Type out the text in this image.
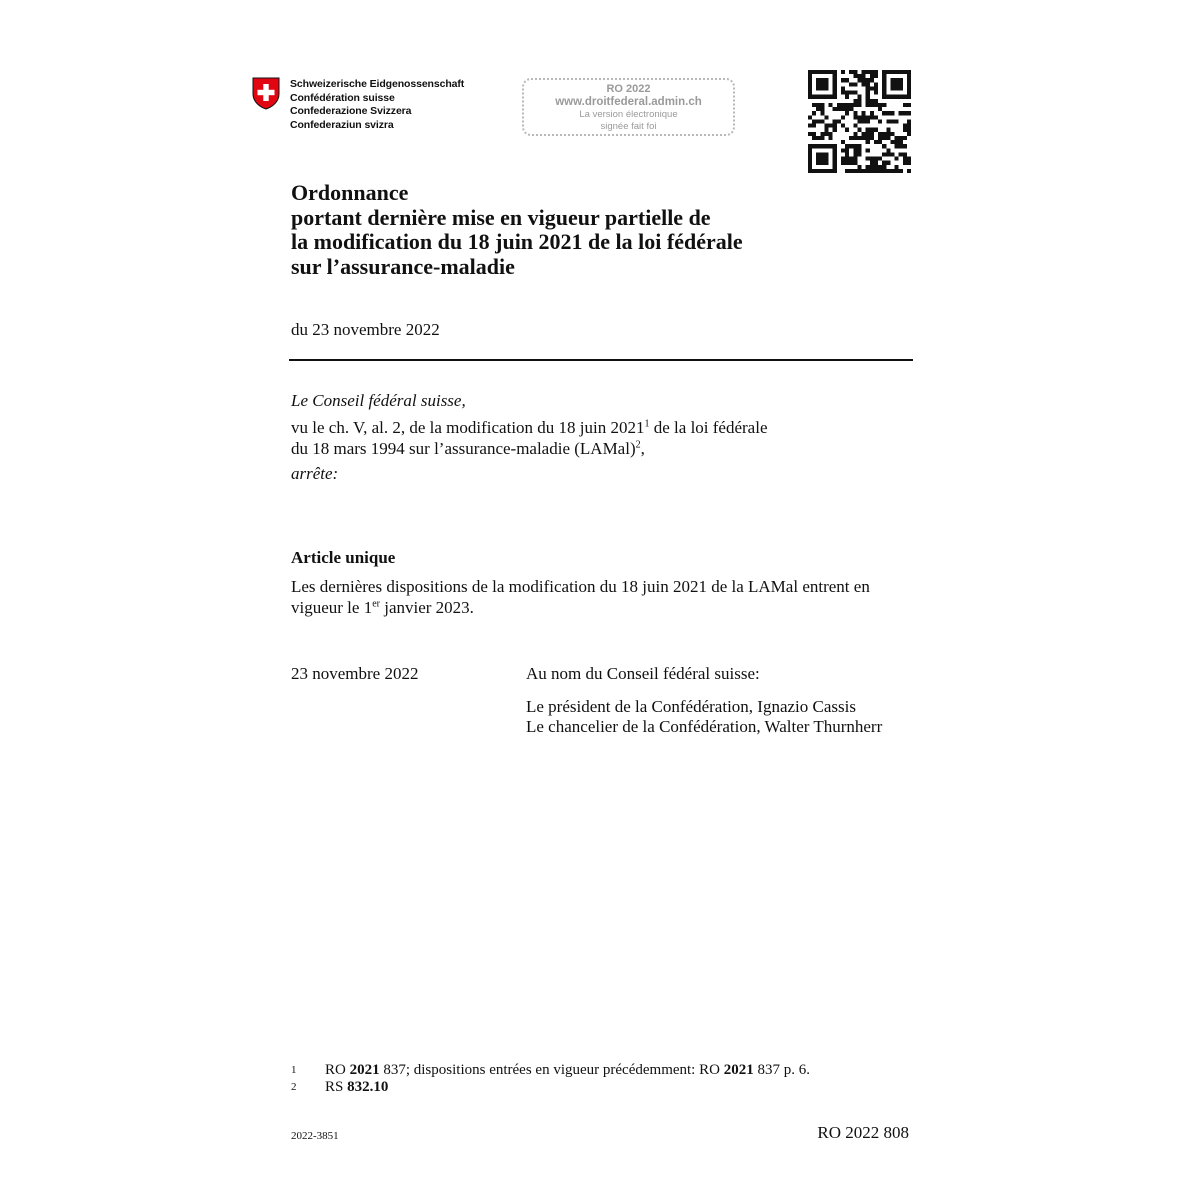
Schweizerische Eidgenossenschaft
Confédération suisse
Confederazione Svizzera
Confederaziun svizra
RO 2022
www.droitfederal.admin.ch
La version électronique
signée fait foi
Ordonnance
portant dernière mise en vigueur partielle de
la modification du 18 juin 2021 de la loi fédérale
sur l’assurance-maladie
du 23 novembre 2022
Le Conseil fédéral suisse,
vu le ch. V, al. 2, de la modification du 18 juin 2021$^1$ de la loi fédérale
du 18 mars 1994 sur l’assurance-maladie (LAMal)$^2$,
arrête:
Article unique
Les dernières dispositions de la modification du 18 juin 2021 de la LAMal entrent en vigueur le 1er janvier 2023.
23 novembre 2022	Au nom du Conseil fédéral suisse:
Le président de la Confédération, Ignazio Cassis
Le chancelier de la Confédération, Walter Thurnherr
1 RO 2021 837; dispositions entrées en vigueur précédemment: RO 2021 837 p. 6.
2 RS 832.10
2022-3851	RO 2022 808
